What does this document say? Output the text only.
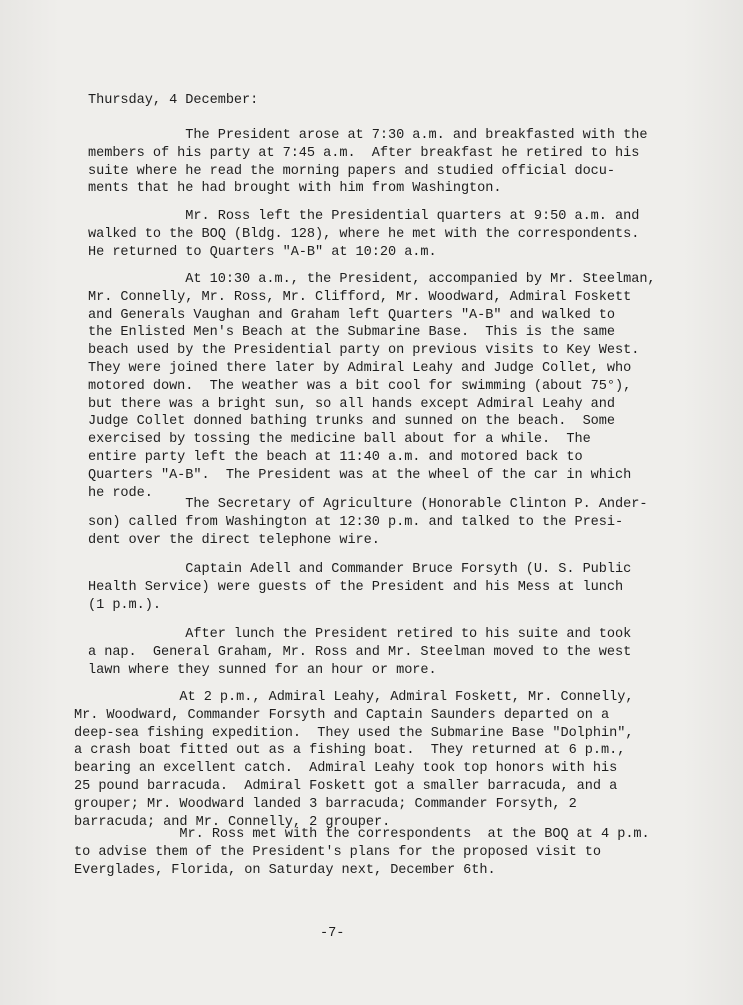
Thursday, 4 December:
The President arose at 7:30 a.m. and breakfasted with the
members of his party at 7:45 a.m.  After breakfast he retired to his
suite where he read the morning papers and studied official docu-
ments that he had brought with him from Washington.
Mr. Ross left the Presidential quarters at 9:50 a.m. and
walked to the BOQ (Bldg. 128), where he met with the correspondents.
He returned to Quarters "A-B" at 10:20 a.m.
At 10:30 a.m., the President, accompanied by Mr. Steelman,
Mr. Connelly, Mr. Ross, Mr. Clifford, Mr. Woodward, Admiral Foskett
and Generals Vaughan and Graham left Quarters "A-B" and walked to
the Enlisted Men's Beach at the Submarine Base.  This is the same
beach used by the Presidential party on previous visits to Key West.
They were joined there later by Admiral Leahy and Judge Collet, who
motored down.  The weather was a bit cool for swimming (about 75°),
but there was a bright sun, so all hands except Admiral Leahy and
Judge Collet donned bathing trunks and sunned on the beach.  Some
exercised by tossing the medicine ball about for a while.  The
entire party left the beach at 11:40 a.m. and motored back to
Quarters "A-B".  The President was at the wheel of the car in which
he rode.
The Secretary of Agriculture (Honorable Clinton P. Ander-
son) called from Washington at 12:30 p.m. and talked to the Presi-
dent over the direct telephone wire.
Captain Adell and Commander Bruce Forsyth (U. S. Public
Health Service) were guests of the President and his Mess at lunch
(1 p.m.).
After lunch the President retired to his suite and took
a nap.  General Graham, Mr. Ross and Mr. Steelman moved to the west
lawn where they sunned for an hour or more.
At 2 p.m., Admiral Leahy, Admiral Foskett, Mr. Connelly,
Mr. Woodward, Commander Forsyth and Captain Saunders departed on a
deep-sea fishing expedition.  They used the Submarine Base "Dolphin",
a crash boat fitted out as a fishing boat.  They returned at 6 p.m.,
bearing an excellent catch.  Admiral Leahy took top honors with his
25 pound barracuda.  Admiral Foskett got a smaller barracuda, and a
grouper; Mr. Woodward landed 3 barracuda; Commander Forsyth, 2
barracuda; and Mr. Connelly, 2 grouper.
Mr. Ross met with the correspondents  at the BOQ at 4 p.m.
to advise them of the President's plans for the proposed visit to
Everglades, Florida, on Saturday next, December 6th.
-7-
